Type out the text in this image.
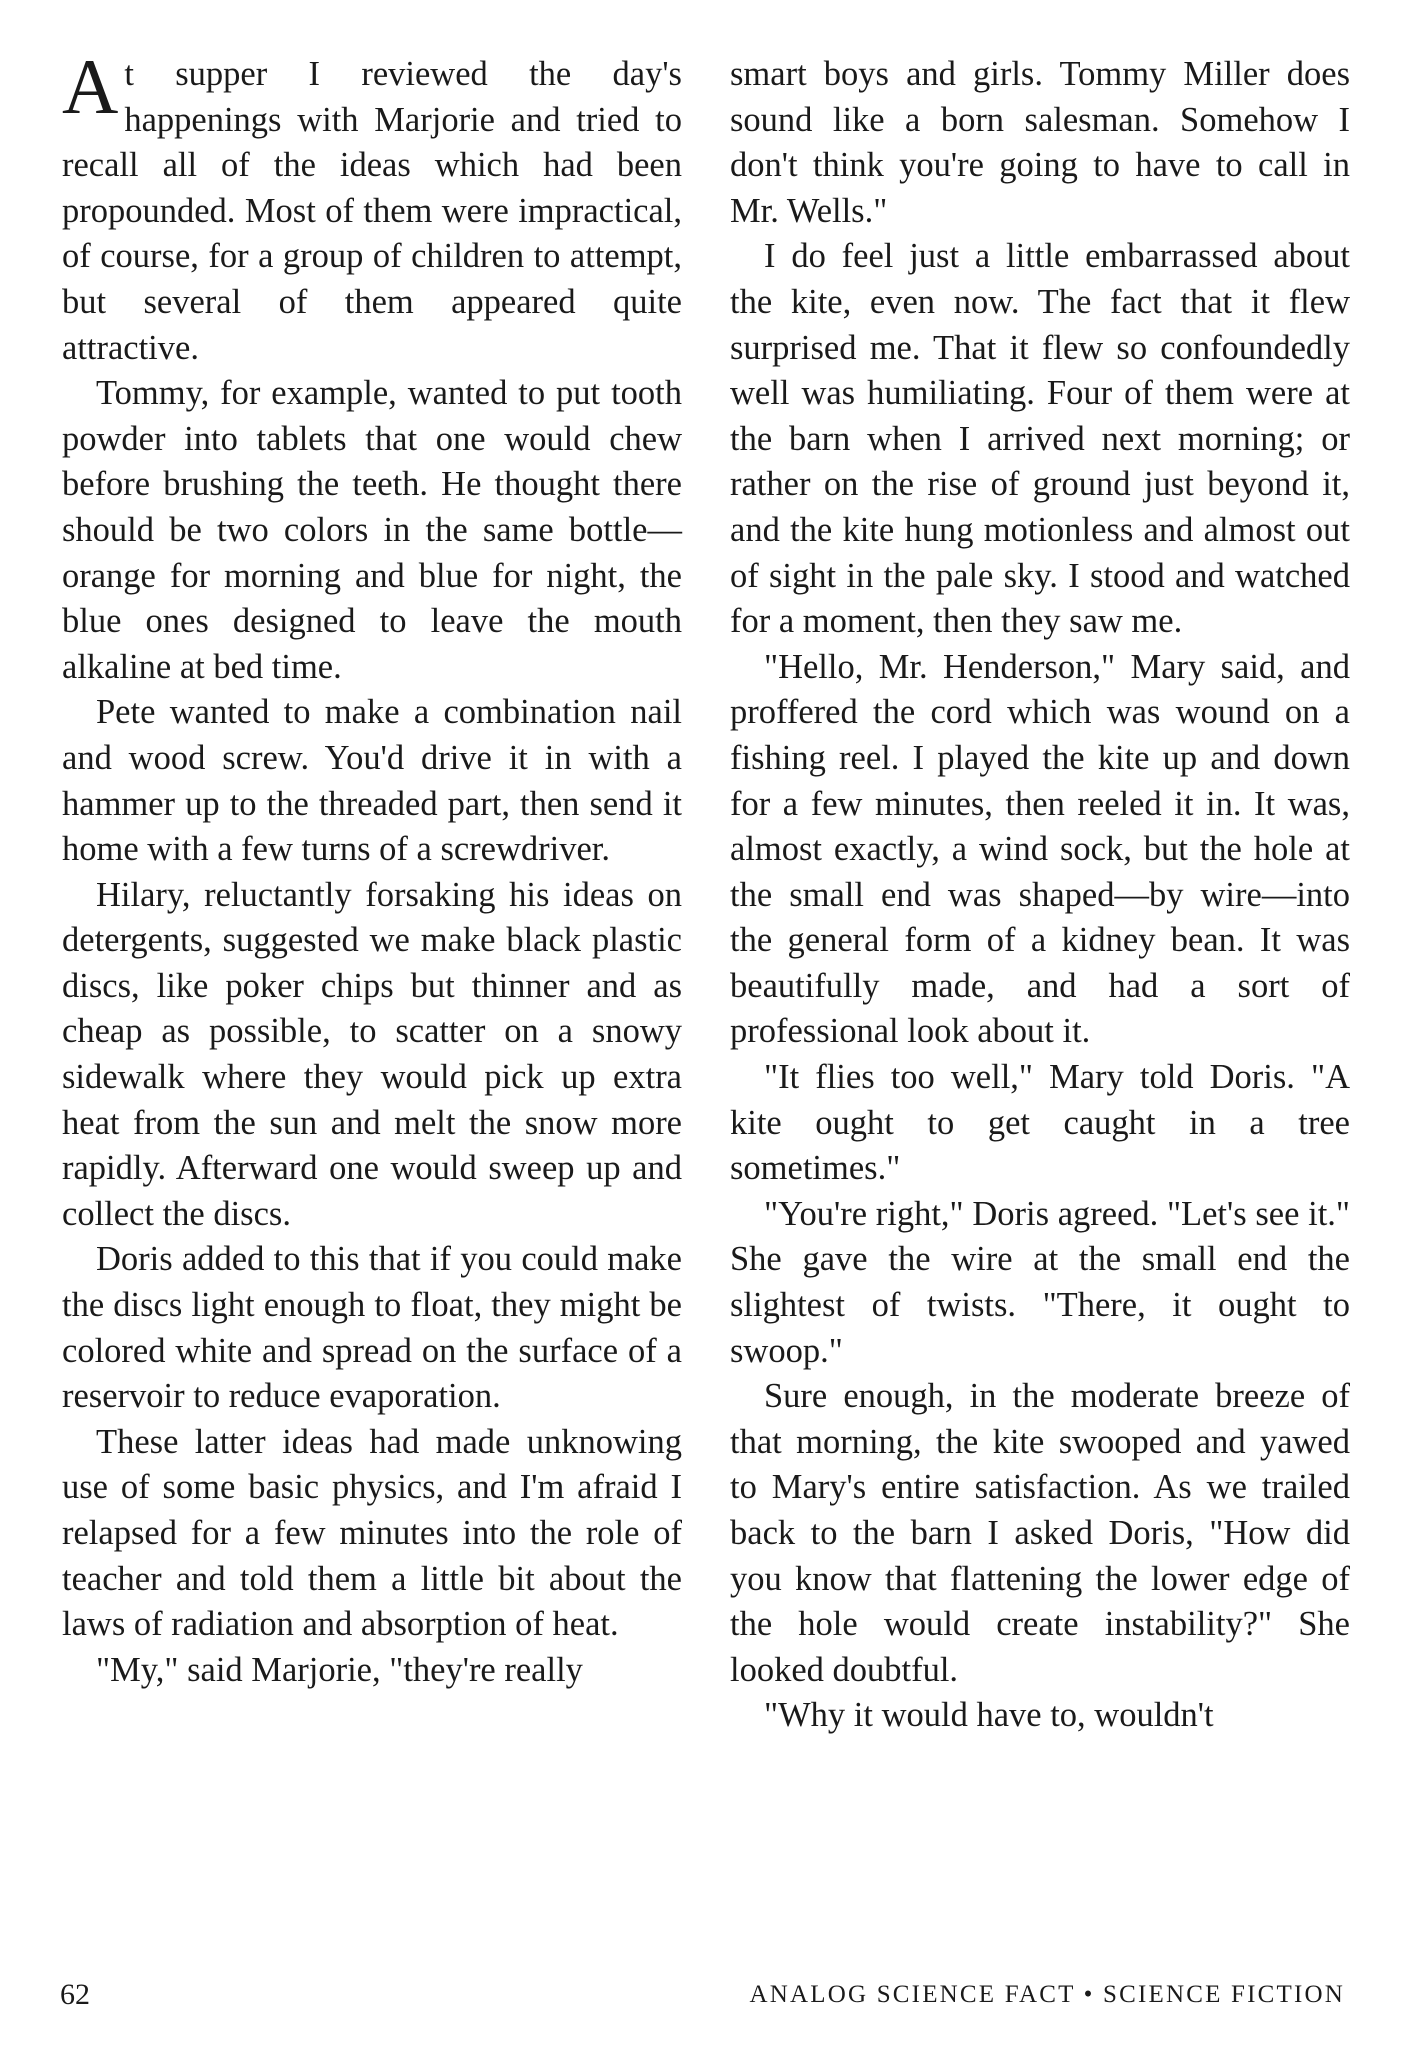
At supper I reviewed the day's happenings with Marjorie and tried to recall all of the ideas which had been propounded. Most of them were impractical, of course, for a group of children to attempt, but several of them appeared quite attractive.

Tommy, for example, wanted to put tooth powder into tablets that one would chew before brushing the teeth. He thought there should be two colors in the same bottle—orange for morning and blue for night, the blue ones designed to leave the mouth alkaline at bed time.

Pete wanted to make a combination nail and wood screw. You'd drive it in with a hammer up to the threaded part, then send it home with a few turns of a screwdriver.

Hilary, reluctantly forsaking his ideas on detergents, suggested we make black plastic discs, like poker chips but thinner and as cheap as possible, to scatter on a snowy sidewalk where they would pick up extra heat from the sun and melt the snow more rapidly. Afterward one would sweep up and collect the discs.

Doris added to this that if you could make the discs light enough to float, they might be colored white and spread on the surface of a reservoir to reduce evaporation.

These latter ideas had made unknowing use of some basic physics, and I'm afraid I relapsed for a few minutes into the role of teacher and told them a little bit about the laws of radiation and absorption of heat.

"My," said Marjorie, "they're really

smart boys and girls. Tommy Miller does sound like a born salesman. Somehow I don't think you're going to have to call in Mr. Wells."

I do feel just a little embarrassed about the kite, even now. The fact that it flew surprised me. That it flew so confoundedly well was humiliating. Four of them were at the barn when I arrived next morning; or rather on the rise of ground just beyond it, and the kite hung motionless and almost out of sight in the pale sky. I stood and watched for a moment, then they saw me.

"Hello, Mr. Henderson," Mary said, and proffered the cord which was wound on a fishing reel. I played the kite up and down for a few minutes, then reeled it in. It was, almost exactly, a wind sock, but the hole at the small end was shaped—by wire—into the general form of a kidney bean. It was beautifully made, and had a sort of professional look about it.

"It flies too well," Mary told Doris. "A kite ought to get caught in a tree sometimes."

"You're right," Doris agreed. "Let's see it." She gave the wire at the small end the slightest of twists. "There, it ought to swoop."

Sure enough, in the moderate breeze of that morning, the kite swooped and yawed to Mary's entire satisfaction. As we trailed back to the barn I asked Doris, "How did you know that flattening the lower edge of the hole would create instability?" She looked doubtful.

"Why it would have to, wouldn't

62	ANALOG SCIENCE FACT • SCIENCE FICTION
